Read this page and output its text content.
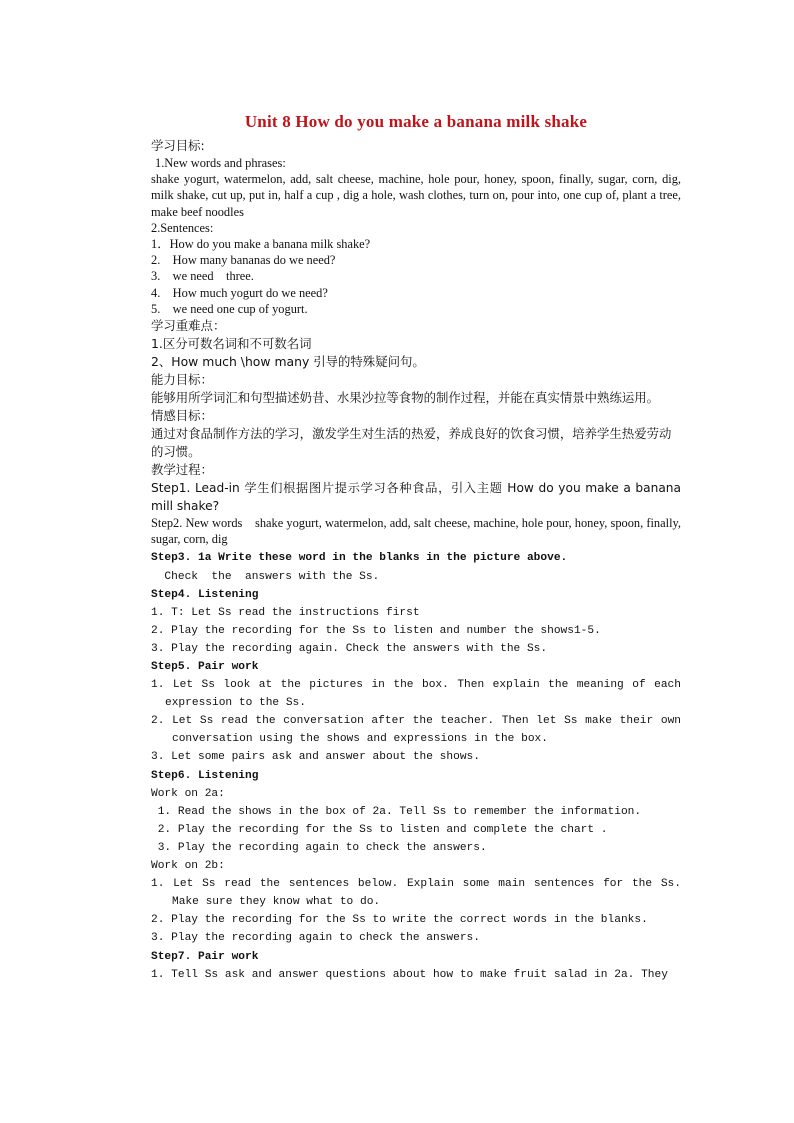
Unit 8 How do you make a banana milk shake

学习目标:

1.New words and phrases:

shake yogurt, watermelon, add, salt cheese, machine, hole pour, honey, spoon, finally, sugar, corn, dig, milk shake, cut up, put in, half a cup , dig a hole, wash clothes, turn on, pour into, one cup of, plant a tree, make beef noodles

2.Sentences:

1．How do you make a banana milk shake?

2.    How many bananas do we need?

3.    we need    three.

4.    How much yogurt do we need?

5.    we need one cup of yogurt.

学习重难点：

1.区分可数名词和不可数名词

2、How much \how many 引导的特殊疑问句。

能力目标：

能够用所学词汇和句型描述奶昔、水果沙拉等食物的制作过程，并能在真实情景中熟练运用。

情感目标：

通过对食品制作方法的学习，激发学生对生活的热爱，养成良好的饮食习惯，培养学生热爱劳动的习惯。

教学过程：

Step1. Lead-in 学生们根据图片提示学习各种食品，引入主题 How do you make a banana mill shake?

Step2. New words    shake yogurt, watermelon, add, salt cheese, machine, hole pour, honey, spoon, finally,  sugar, corn, dig

Step3. 1a Write these word in the blanks in the picture above.

Check  the  answers with the Ss.

Step4. Listening

1. T: Let Ss read the instructions first

2. Play the recording for the Ss to listen and number the shows1-5.

3. Play the recording again. Check the answers with the Ss.

Step5. Pair work

1. Let Ss look at the pictures in the box. Then explain the meaning of each expression to the Ss.

2. Let Ss read the conversation after the teacher. Then let Ss make their own conversation using the shows and expressions in the box.

3. Let some pairs ask and answer about the shows.

Step6. Listening

Work on 2a:

1. Read the shows in the box of 2a. Tell Ss to remember the information.

2. Play the recording for the Ss to listen and complete the chart .

3. Play the recording again to check the answers.

Work on 2b:

1. Let Ss read the sentences below. Explain some main sentences for the Ss. Make sure they know what to do.

2. Play the recording for the Ss to write the correct words in the blanks.

3. Play the recording again to check the answers.

Step7. Pair work

1. Tell Ss ask and answer questions about how to make fruit salad in 2a. They
